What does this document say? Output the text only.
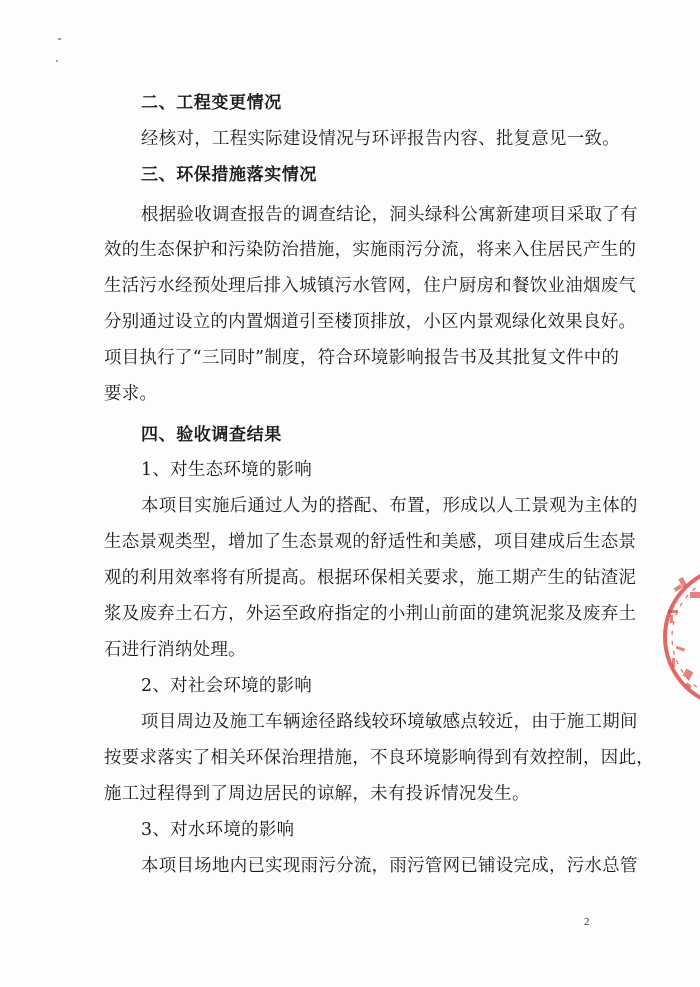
二、工程变更情况
经核对，工程实际建设情况与环评报告内容、批复意见一致。
三、环保措施落实情况
根据验收调查报告的调查结论，洞头绿科公寓新建项目采取了有
效的生态保护和污染防治措施，实施雨污分流，将来入住居民产生的
生活污水经预处理后排入城镇污水管网，住户厨房和餐饮业油烟废气
分别通过设立的内置烟道引至楼顶排放，小区内景观绿化效果良好。
项目执行了“三同时”制度，符合环境影响报告书及其批复文件中的
要求。
四、验收调查结果
1、对生态环境的影响
本项目实施后通过人为的搭配、布置，形成以人工景观为主体的
生态景观类型，增加了生态景观的舒适性和美感，项目建成后生态景
观的利用效率将有所提高。根据环保相关要求，施工期产生的钻渣泥
浆及废弃土石方，外运至政府指定的小荆山前面的建筑泥浆及废弃土
石进行消纳处理。
2、对社会环境的影响
项目周边及施工车辆途径路线较环境敏感点较近，由于施工期间
按要求落实了相关环保治理措施，不良环境影响得到有效控制，因此，
施工过程得到了周边居民的谅解，未有投诉情况发生。
3、对水环境的影响
本项目场地内已实现雨污分流，雨污管网已铺设完成，污水总管
2
